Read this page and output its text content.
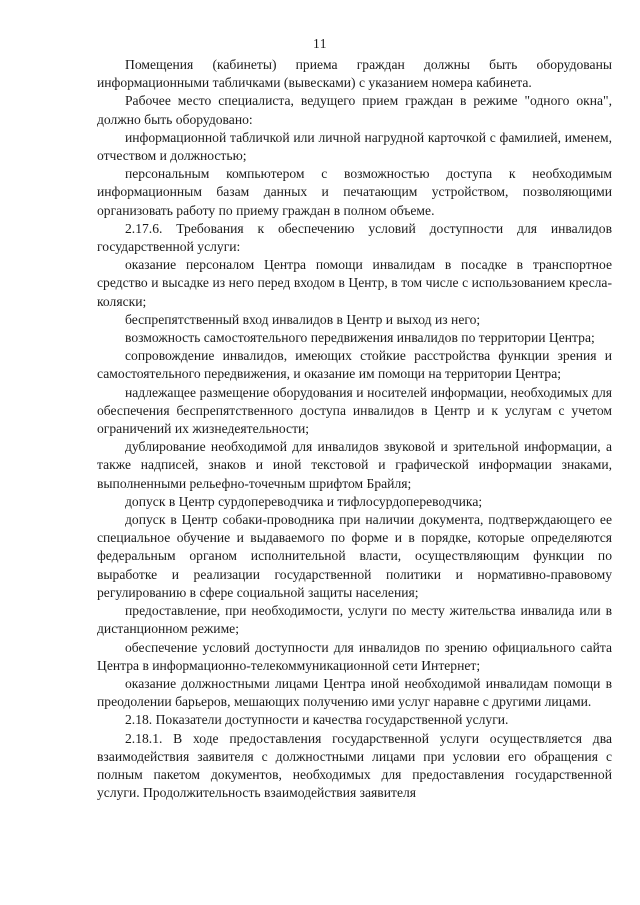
11

Помещения (кабинеты) приема граждан должны быть оборудованы информационными табличками (вывесками) с указанием номера кабинета.

Рабочее место специалиста, ведущего прием граждан в режиме "одного окна", должно быть оборудовано:

информационной табличкой или личной нагрудной карточкой с фамилией, именем, отчеством и должностью;

персональным компьютером с возможностью доступа к необходимым информационным базам данных и печатающим устройством, позволяющими организовать работу по приему граждан в полном объеме.

2.17.6. Требования к обеспечению условий доступности для инвалидов государственной услуги:

оказание персоналом Центра помощи инвалидам в посадке в транспортное средство и высадке из него перед входом в Центр, в том числе с использованием кресла-коляски;

беспрепятственный вход инвалидов в Центр и выход из него;

возможность самостоятельного передвижения инвалидов по территории Центра;

сопровождение инвалидов, имеющих стойкие расстройства функции зрения и самостоятельного передвижения, и оказание им помощи на территории Центра;

надлежащее размещение оборудования и носителей информации, необходимых для обеспечения беспрепятственного доступа инвалидов в Центр и к услугам с учетом ограничений их жизнедеятельности;

дублирование необходимой для инвалидов звуковой и зрительной информации, а также надписей, знаков и иной текстовой и графической информации знаками, выполненными рельефно-точечным шрифтом Брайля;

допуск в Центр сурдопереводчика и тифлосурдопереводчика;

допуск в Центр собаки-проводника при наличии документа, подтверждающего ее специальное обучение и выдаваемого по форме и в порядке, которые определяются федеральным органом исполнительной власти, осуществляющим функции по выработке и реализации государственной политики и нормативно-правовому регулированию в сфере социальной защиты населения;

предоставление, при необходимости, услуги по месту жительства инвалида или в дистанционном режиме;

обеспечение условий доступности для инвалидов по зрению официального сайта Центра в информационно-телекоммуникационной сети Интернет;

оказание должностными лицами Центра иной необходимой инвалидам помощи в преодолении барьеров, мешающих получению ими услуг наравне с другими лицами.

2.18. Показатели доступности и качества государственной услуги.

2.18.1. В ходе предоставления государственной услуги осуществляется два взаимодействия заявителя с должностными лицами при условии его обращения с полным пакетом документов, необходимых для предоставления государственной услуги. Продолжительность взаимодействия заявителя
